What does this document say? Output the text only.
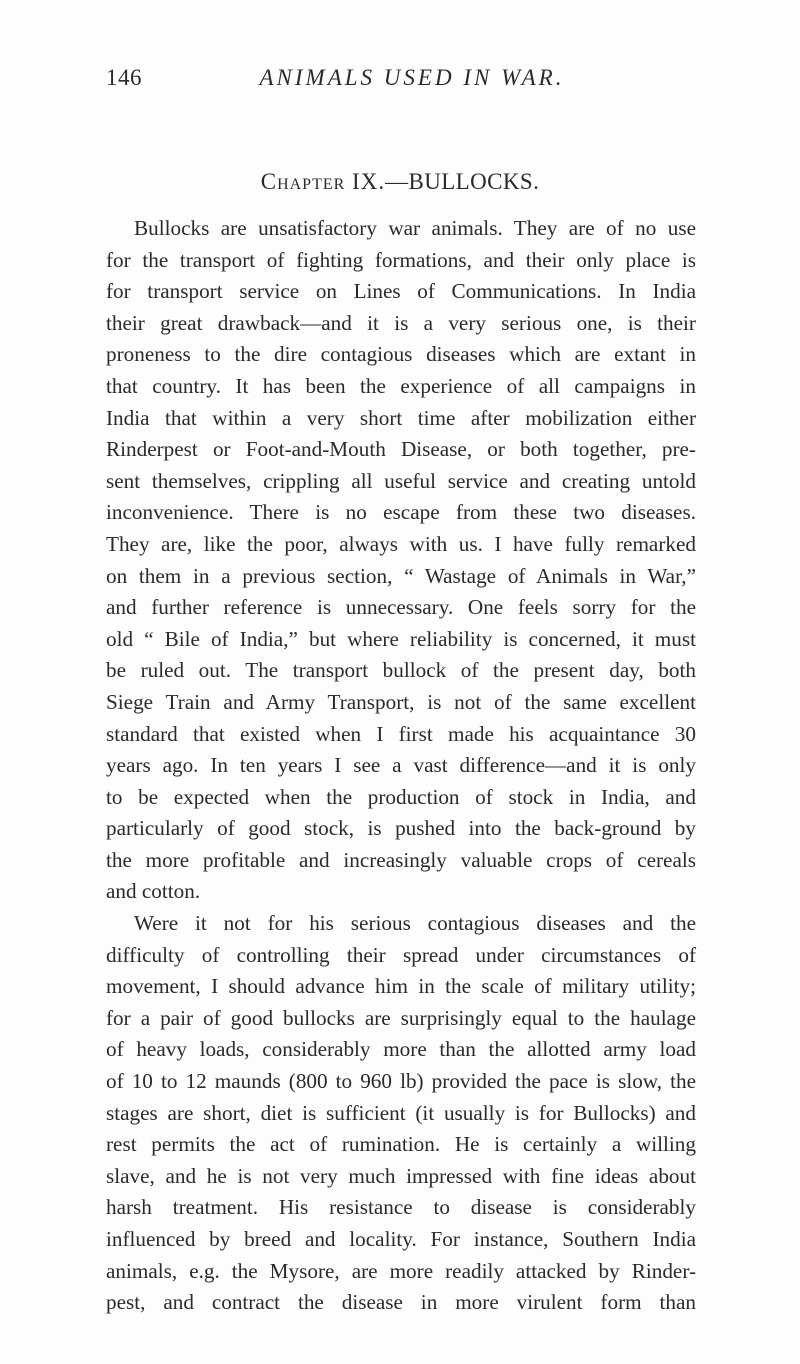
146	ANIMALS USED IN WAR.
Chapter IX.—BULLOCKS.
Bullocks are unsatisfactory war animals. They are of no use
for the transport of fighting formations, and their only place is
for transport service on Lines of Communications. In India
their great drawback—and it is a very serious one, is their
proneness to the dire contagious diseases which are extant in
that country. It has been the experience of all campaigns in
India that within a very short time after mobilization either
Rinderpest or Foot-and-Mouth Disease, or both together, pre-
sent themselves, crippling all useful service and creating untold
inconvenience. There is no escape from these two diseases.
They are, like the poor, always with us. I have fully remarked
on them in a previous section, “ Wastage of Animals in War,”
and further reference is unnecessary. One feels sorry for the
old “ Bile of India,” but where reliability is concerned, it must
be ruled out. The transport bullock of the present day, both
Siege Train and Army Transport, is not of the same excellent
standard that existed when I first made his acquaintance 30
years ago. In ten years I see a vast difference—and it is only
to be expected when the production of stock in India, and
particularly of good stock, is pushed into the back-ground by
the more profitable and increasingly valuable crops of cereals
and cotton.
Were it not for his serious contagious diseases and the
difficulty of controlling their spread under circumstances of
movement, I should advance him in the scale of military utility;
for a pair of good bullocks are surprisingly equal to the haulage
of heavy loads, considerably more than the allotted army load
of 10 to 12 maunds (800 to 960 lb) provided the pace is slow, the
stages are short, diet is sufficient (it usually is for Bullocks) and
rest permits the act of rumination. He is certainly a willing
slave, and he is not very much impressed with fine ideas about
harsh treatment. His resistance to disease is considerably
influenced by breed and locality. For instance, Southern India
animals, e.g. the Mysore, are more readily attacked by Rinder-
pest, and contract the disease in more virulent form than
